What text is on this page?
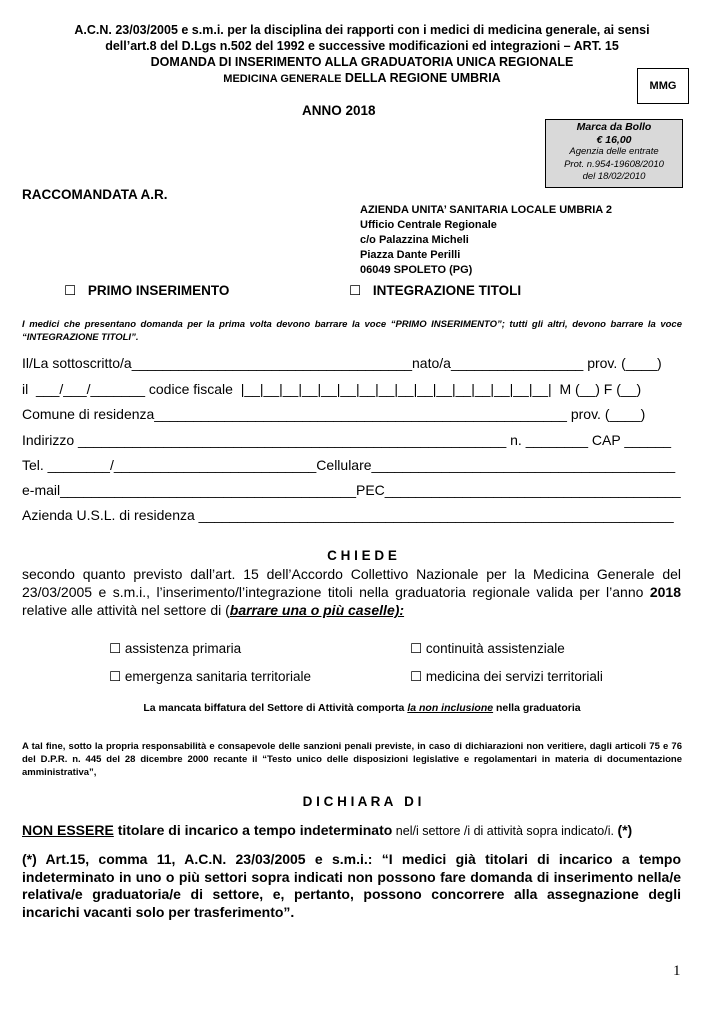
A.C.N. 23/03/2005 e s.m.i. per la disciplina dei rapporti con i medici di medicina generale, ai sensi
dell’art.8 del D.Lgs n.502 del 1992 e successive modificazioni ed integrazioni – ART. 15
DOMANDA DI INSERIMENTO ALLA GRADUATORIA UNICA REGIONALE
MEDICINA GENERALE DELLA REGIONE UMBRIA
MMG
ANNO 2018
Marca da Bollo
€ 16,00
Agenzia delle entrate
Prot. n.954-19608/2010
del 18/02/2010
RACCOMANDATA A.R.
AZIENDA UNITA’ SANITARIA LOCALE UMBRIA 2
Ufficio Centrale Regionale
c/o Palazzina Micheli
Piazza Dante Perilli
06049 SPOLETO (PG)
☐ PRIMO INSERIMENTO	☐ INTEGRAZIONE TITOLI
I medici che presentano domanda per la prima volta devono barrare la voce “PRIMO INSERIMENTO”; tutti gli altri, devono barrare la voce “INTEGRAZIONE TITOLI”.
Il/La sottoscritto/a____________________________________nato/a_________________ prov. (____)
il  ___/___/_______ codice fiscale  |__|__|__|__|__|__|__|__|__|__|__|__|__|__|__|__|  M (__) F (__)
Comune di residenza_____________________________________________________ prov. (____)
Indirizzo _______________________________________________________ n. ________ CAP ______
Tel. ________/__________________________Cellulare_______________________________________
e-mail______________________________________PEC______________________________________
Azienda U.S.L. di residenza _____________________________________________________________
C H I E D E
secondo quanto previsto dall’art. 15 dell’Accordo Collettivo Nazionale per la Medicina Generale del 23/03/2005 e s.m.i., l’inserimento/l’integrazione titoli nella graduatoria regionale valida per l’anno 2018 relative alle attività nel settore di (barrare una o più caselle):
☐ assistenza primaria	☐ continuità assistenziale
☐ emergenza sanitaria territoriale	☐ medicina dei servizi territoriali
La mancata biffatura del Settore di Attività comporta la non inclusione nella graduatoria
A tal fine, sotto la propria responsabilità e consapevole delle sanzioni penali previste, in caso di dichiarazioni non veritiere, dagli articoli 75 e 76 del D.P.R. n. 445 del 28 dicembre 2000 recante il “Testo unico delle disposizioni legislative e regolamentari in materia di documentazione amministrativa”,
D I C H I A R A   D I
NON ESSERE titolare di incarico a tempo indeterminato nel/i settore /i di attività sopra indicato/i. (*)
(*) Art.15, comma 11, A.C.N. 23/03/2005 e s.m.i.: “I medici già titolari di incarico a tempo indeterminato in uno o più settori sopra indicati non possono fare domanda di inserimento nella/e relativa/e graduatoria/e di settore, e, pertanto, possono concorrere alla assegnazione degli incarichi vacanti solo per trasferimento”.
1
